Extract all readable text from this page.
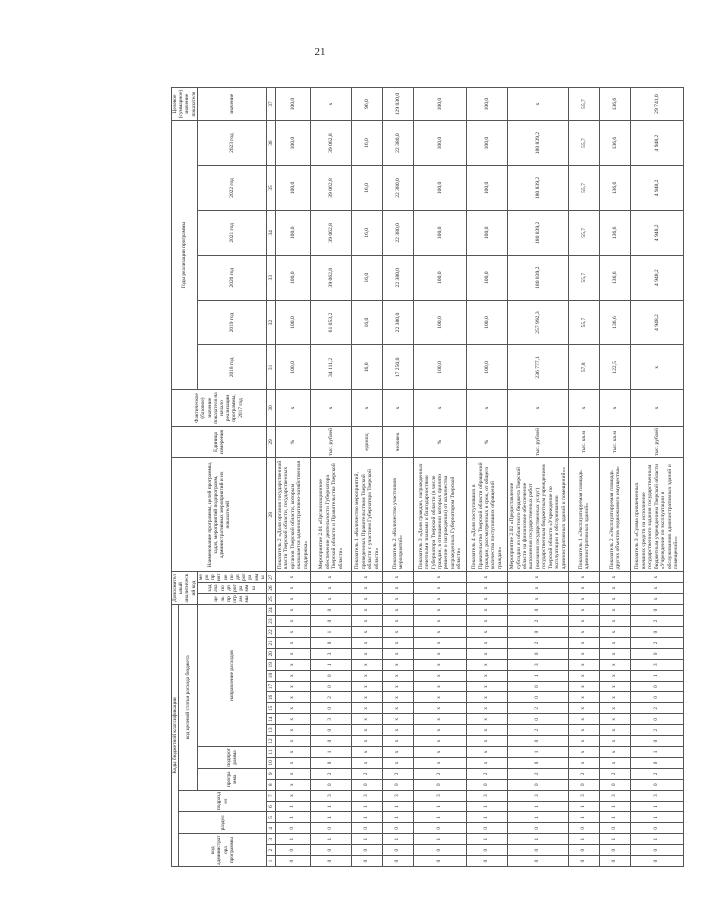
21
Коды бюджетной классификации																								Дополнительный аналитический код			Наименование программы, целей программы, задач, мероприятий подпрограмм, административных мероприятий и их показателей	Единица измерения	Фактическое (базовое) значение показателя на начало реализации программы, 2017 год	Годы реализации программы						Целевое (суммарное) значение показателя
код администратора программы			раздел		подраздел		код целевой статьи расхода бюджета																													
							программа		подпрограмма		направление расходов													цель программы	задача подпрограммы	мероприятие подпрограммы				2018 год	2019 год	2020 год	2021 год	2022 год	2023 год	значение
1	2	3	4	5	6	7	8	9	10	11	12	13	14	15	16	17	18	19	20	21	22	23	24	25	26	27	28	29	30	31	32	33	34	35	36	37
0	0	1	0	1	1	x	x	x	x	x	x	x	x	x	x	x	x	x	x	x	x	x	x	x	x	x	Показатель 2 «Доля органов государственной власти Тверской области, государственных органов Тверской области, которым оказывается административно-хозяйственная поддержка»	%	х	100,0	100,0	100,0	100,0	100,0	100,0	100,0
0	0	1	0	1	1	3	0	2	0	1	0	0	3	0	2	0	0	1	3	0	1	0	0	x	x	x	Мероприятие 2.01 «Организационное обеспечение деятельности Губернатора Тверской области и Правительства Тверской области»	тыс. рублей	х	34 111,2	61 053,2	39 062,8	39 062,8	39 062,8	39 062,8	х
0	0	1	0	1	1	3	0	2	x	x	x	x	x	x	x	x	x	x	x	x	x	x	x	x	x	x	Показатель 1 «Количество мероприятий, проведенных Правительством Тверской области с участием Губернатора Тверской области»	единиц	х	16,0	16,0	16,0	16,0	16,0	16,0	96,0
0	0	1	0	1	1	3	0	2	x	x	x	x	x	x	x	x	x	x	x	x	x	x	x	x	x	x	Показатель 2 «Количество участников мероприятий»	человек	х	17 250,0	22 380,0	22 380,0	22 380,0	22 380,0	22 380,0	129 030,0
0	0	1	0	1	1	3	0	2	x	x	x	x	x	x	x	x	x	x	x	x	x	x	x	x	x	x	Показатель 3 «Доля граждан, награжденных почетными знаками и благодарностями Губернатора Тверской области (в числе граждан, в отношении которых принято решение о награждении) от количества награжденных Губернатором Тверской области»	%	х	100,0	100,0	100,0	100,0	100,0	100,0	100,0
0	0	1	0	1	1	3	0	2	x	x	x	x	x	x	x	x	x	x	x	x	x	x	x	x	x	x	Показатель 4 «Доля поступивших в Правительство Тверской области обращений граждан, рассмотренных в срок, от общего количества поступивших обращений граждан»	%	х	100,0	100,0	100,0	100,0	100,0	100,0	100,0
0	0	1	0	1	1	3	0	2	0	1	0	2	0	2	0	0	1	3	0	2	0	2	0	x	x	x	Мероприятие 2.02 «Предоставление субсидии из областного бюджета Тверской области на финансовое обеспечение выполнения государственных работ (оказания государственных услуг) государственным бюджетным учреждением Тверской области «Учреждение по эксплуатации и обслуживанию административных зданий и помещений»»	тыс. рублей	х	236 777,1	257 992,3	180 839,2	180 839,2	180 839,2	180 839,2	х
0	0	1	0	1	1	3	0	2	x	x	x	x	x	x	x	x	x	x	x	x	x	x	x	x	x	x	Показатель 1 «Эксплуатируемая площадь административных зданий»	тыс. кв.м	х	57,8	55,7	55,7	55,7	55,7	55,7	55,7
0	0	1	0	1	1	3	0	2	x	x	x	x	x	x	x	x	x	x	x	x	x	x	x	x	x	x	Показатель 2 «Эксплуатируемая площадь других объектов недвижимого имущества»	тыс. кв.м	х	122,5	136,6	136,6	136,6	136,6	136,6	136,6
0	0	1	0	1	1	3	0	2	0	1	0	2	0	2	0	0	1	3	0	2	0	2	0	x	x	x	Показатель 3 «Сумма привлеченных внешних средств на исполнение государственного задания государственным бюджетным учреждением Тверской области «Учреждение по эксплуатации и обслуживанию административных зданий и помещений»»	тыс. рублей	х	х	4 948,2	4 948,2	4 948,2	4 948,2	4 948,2	29 741,0
